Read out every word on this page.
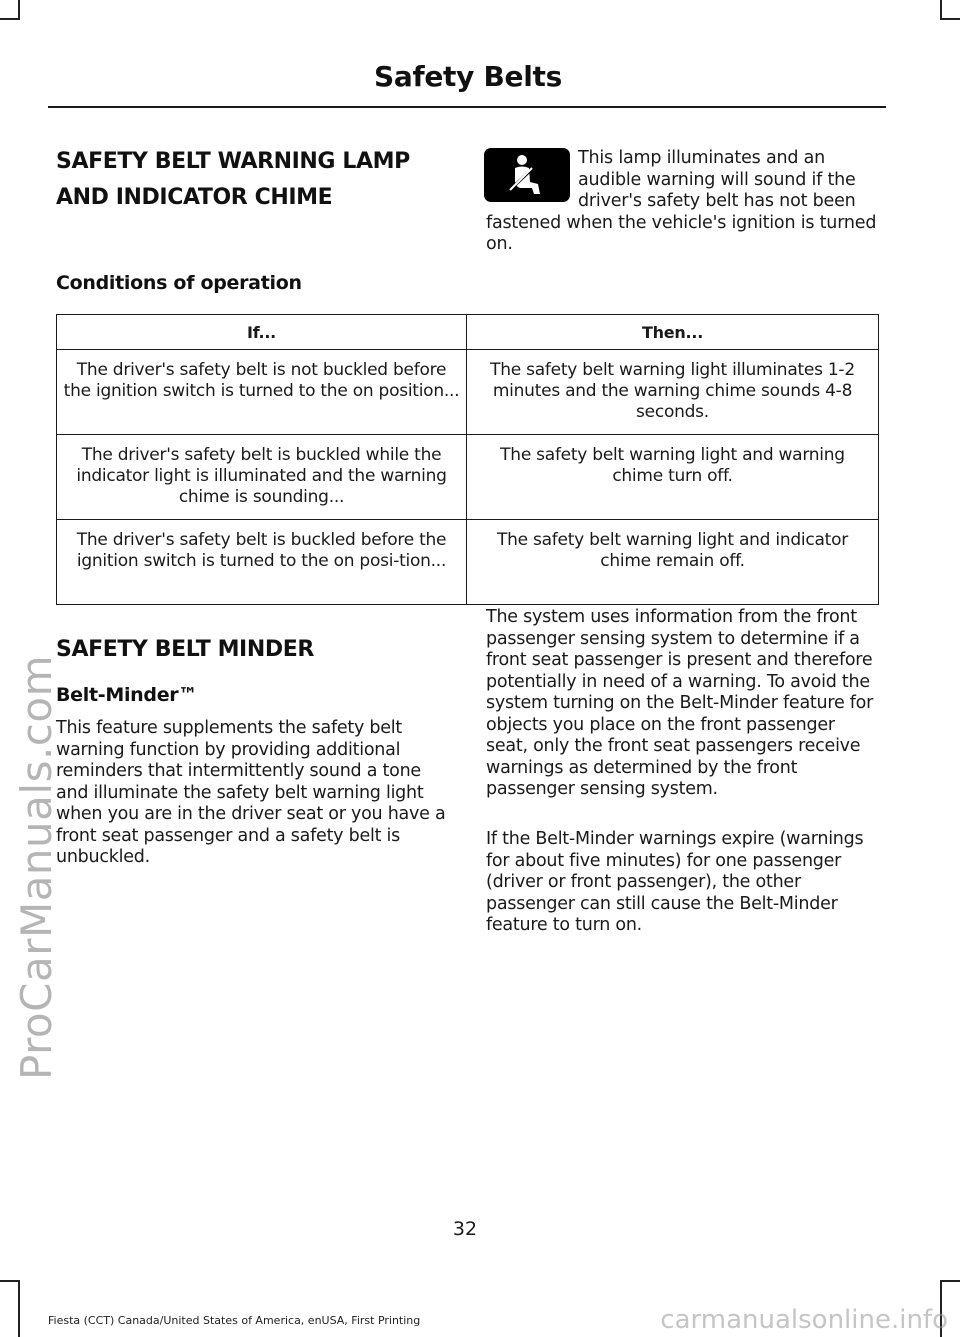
Safety Belts
SAFETY BELT WARNING LAMP
AND INDICATOR CHIME

This lamp illuminates and an audible warning will sound if the driver's safety belt has not been fastened when the vehicle's ignition is turned on.

Conditions of operation
If...	Then...
The driver's safety belt is not buckled before the ignition switch is turned to the on position...	The safety belt warning light illuminates 1-2 minutes and the warning chime sounds 4-8 seconds.
The driver's safety belt is buckled while the indicator light is illuminated and the warning chime is sounding...	The safety belt warning light and warning chime turn off.
The driver's safety belt is buckled before the ignition switch is turned to the on posi-tion...	The safety belt warning light and indicator chime remain off.
SAFETY BELT MINDER
Belt-Minder™

This feature supplements the safety belt warning function by providing additional reminders that intermittently sound a tone and illuminate the safety belt warning light when you are in the driver seat or you have a front seat passenger and a safety belt is unbuckled.

The system uses information from the front passenger sensing system to determine if a front seat passenger is present and therefore potentially in need of a warning. To avoid the system turning on the Belt-Minder feature for objects you place on the front passenger seat, only the front seat passengers receive warnings as determined by the front passenger sensing system.

If the Belt-Minder warnings expire (warnings for about five minutes) for one passenger (driver or front passenger), the other passenger can still cause the Belt-Minder feature to turn on.

32
Fiesta (CCT) Canada/United States of America, enUSA, First Printing
ProCarManuals.com
carmanualsonline.info
